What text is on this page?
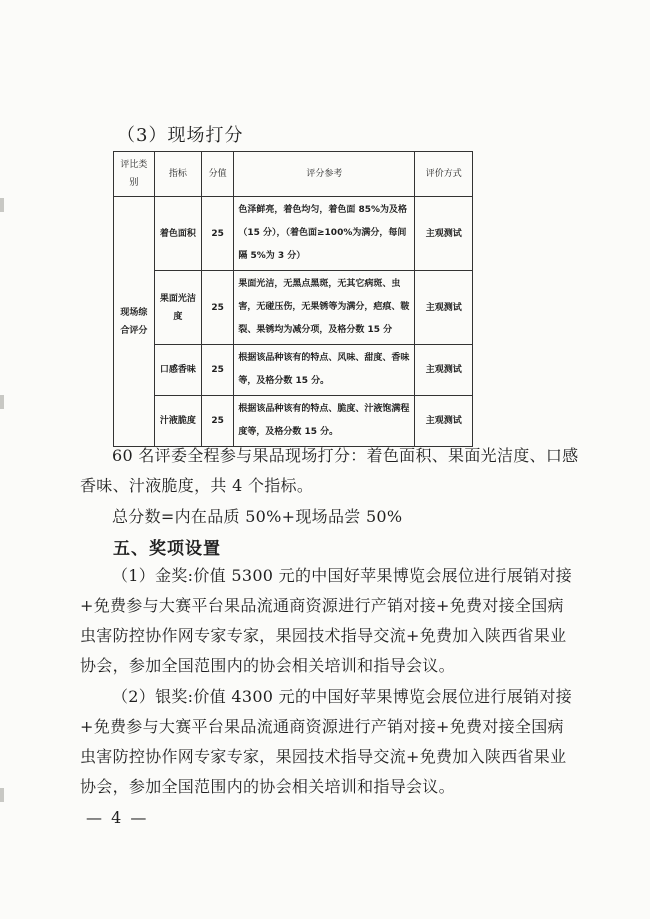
（3）现场打分
评比类别	指标	分值	评分参考	评价方式
现场综合评分	着色面积	25	色泽鲜亮，着色均匀，着色面 85%为及格（15 分），（着色面≥100%为满分，每间隔 5%为 3 分）	主观测试
	果面光洁度	25	果面光洁，无黑点黑斑，无其它病斑、虫害，无碰压伤，无果锈等为满分，疤痕、皲裂、果锈均为减分项，及格分数 15 分	主观测试
	口感香味	25	根据该品种该有的特点、风味、甜度、香味等，及格分数 15 分。	主观测试
	汁液脆度	25	根据该品种该有的特点、脆度、汁液饱满程度等，及格分数 15 分。	主观测试
60 名评委全程参与果品现场打分：着色面积、果面光洁度、口感香味、汁液脆度，共 4 个指标。
总分数=内在品质 50%+现场品尝 50%
五、奖项设置
（1）金奖:价值 5300 元的中国好苹果博览会展位进行展销对接+免费参与大赛平台果品流通商资源进行产销对接+免费对接全国病虫害防控协作网专家专家，果园技术指导交流+免费加入陕西省果业协会，参加全国范围内的协会相关培训和指导会议。
（2）银奖:价值 4300 元的中国好苹果博览会展位进行展销对接+免费参与大赛平台果品流通商资源进行产销对接+免费对接全国病虫害防控协作网专家专家，果园技术指导交流+免费加入陕西省果业协会，参加全国范围内的协会相关培训和指导会议。
— 4 —
